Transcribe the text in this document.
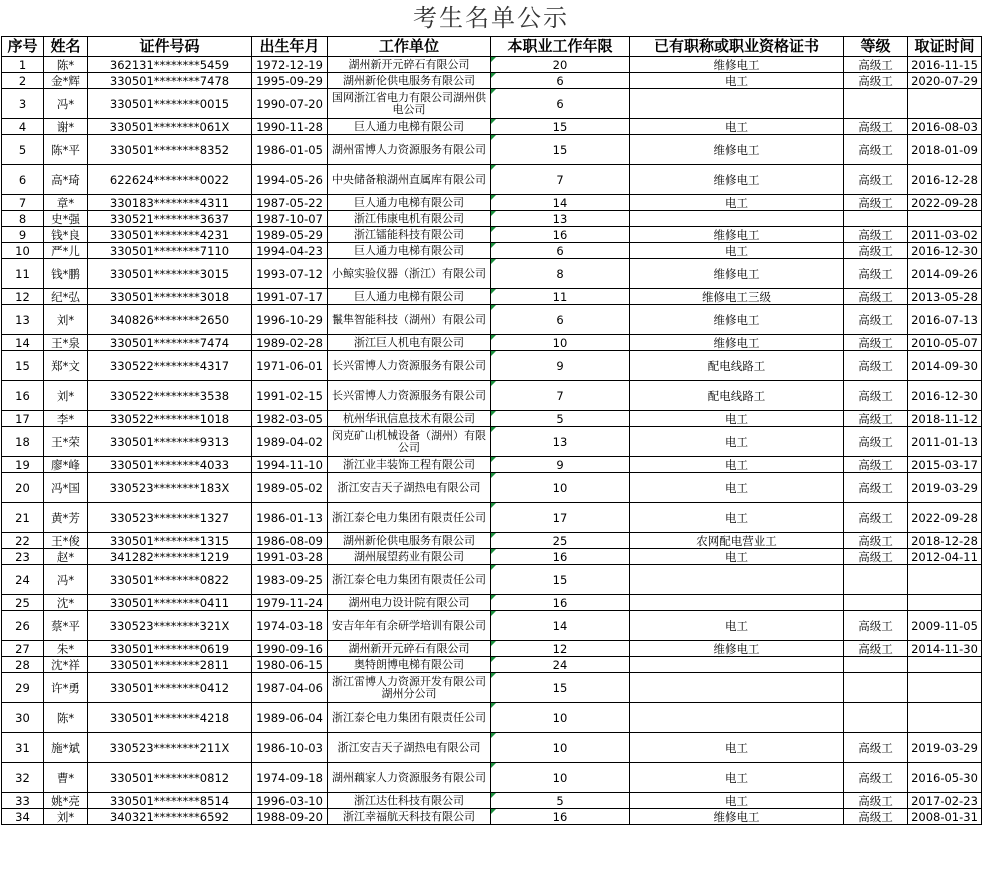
考生名单公示
序号	姓名	证件号码	出生年月	工作单位	本职业工作年限	已有职称或职业资格证书	等级	取证时间
1	陈*	362131********5459	1972-12-19	湖州新开元碎石有限公司	20	维修电工	高级工	2016-11-15
2	金*辉	330501********7478	1995-09-29	湖州新伦供电服务有限公司	6	电工	高级工	2020-07-29
3	冯*	330501********0015	1990-07-20	国网浙江省电力有限公司湖州供电公司	6			
4	谢*	330501********061X	1990-11-28	巨人通力电梯有限公司	15	电工	高级工	2016-08-03
5	陈*平	330501********8352	1986-01-05	湖州雷博人力资源服务有限公司	15	维修电工	高级工	2018-01-09
6	高*琦	622624********0022	1994-05-26	中央储备粮湖州直属库有限公司	7	维修电工	高级工	2016-12-28
7	章*	330183********4311	1987-05-22	巨人通力电梯有限公司	14	电工	高级工	2022-09-28
8	史*强	330521********3637	1987-10-07	浙江伟康电机有限公司	13			
9	钱*良	330501********4231	1989-05-29	浙江镭能科技有限公司	16	维修电工	高级工	2011-03-02
10	严*儿	330501********7110	1994-04-23	巨人通力电梯有限公司	6	电工	高级工	2016-12-30
11	钱*鹏	330501********3015	1993-07-12	小鲸实验仪器（浙江）有限公司	8	维修电工	高级工	2014-09-26
12	纪*弘	330501********3018	1991-07-17	巨人通力电梯有限公司	11	维修电工三级	高级工	2013-05-28
13	刘*	340826********2650	1996-10-29	鬣隼智能科技（湖州）有限公司	6	维修电工	高级工	2016-07-13
14	王*泉	330501********7474	1989-02-28	浙江巨人机电有限公司	10	维修电工	高级工	2010-05-07
15	郑*文	330522********4317	1971-06-01	长兴雷博人力资源服务有限公司	9	配电线路工	高级工	2014-09-30
16	刘*	330522********3538	1991-02-15	长兴雷博人力资源服务有限公司	7	配电线路工	高级工	2016-12-30
17	李*	330522********1018	1982-03-05	杭州华讯信息技术有限公司	5	电工	高级工	2018-11-12
18	王*荣	330501********9313	1989-04-02	闵克矿山机械设备（湖州）有限公司	13	电工	高级工	2011-01-13
19	廖*峰	330501********4033	1994-11-10	浙江业丰装饰工程有限公司	9	电工	高级工	2015-03-17
20	冯*国	330523********183X	1989-05-02	浙江安吉天子湖热电有限公司	10	电工	高级工	2019-03-29
21	黄*芳	330523********1327	1986-01-13	浙江泰仑电力集团有限责任公司	17	电工	高级工	2022-09-28
22	王*俊	330501********1315	1986-08-09	湖州新伦供电服务有限公司	25	农网配电营业工	高级工	2018-12-28
23	赵*	341282********1219	1991-03-28	湖州展望药业有限公司	16	电工	高级工	2012-04-11
24	冯*	330501********0822	1983-09-25	浙江泰仑电力集团有限责任公司	15			
25	沈*	330501********0411	1979-11-24	湖州电力设计院有限公司	16			
26	蔡*平	330523********321X	1974-03-18	安吉年年有余研学培训有限公司	14	电工	高级工	2009-11-05
27	朱*	330501********0619	1990-09-16	湖州新开元碎石有限公司	12	维修电工	高级工	2014-11-30
28	沈*祥	330501********2811	1980-06-15	奥特朗博电梯有限公司	24			
29	许*勇	330501********0412	1987-04-06	浙江雷博人力资源开发有限公司湖州分公司	15			
30	陈*	330501********4218	1989-06-04	浙江泰仑电力集团有限责任公司	10			
31	施*斌	330523********211X	1986-10-03	浙江安吉天子湖热电有限公司	10	电工	高级工	2019-03-29
32	曹*	330501********0812	1974-09-18	湖州藕家人力资源服务有限公司	10	电工	高级工	2016-05-30
33	姚*亮	330501********8514	1996-03-10	浙江达仕科技有限公司	5	电工	高级工	2017-02-23
34	刘*	340321********6592	1988-09-20	浙江幸福航天科技有限公司	16	维修电工	高级工	2008-01-31
